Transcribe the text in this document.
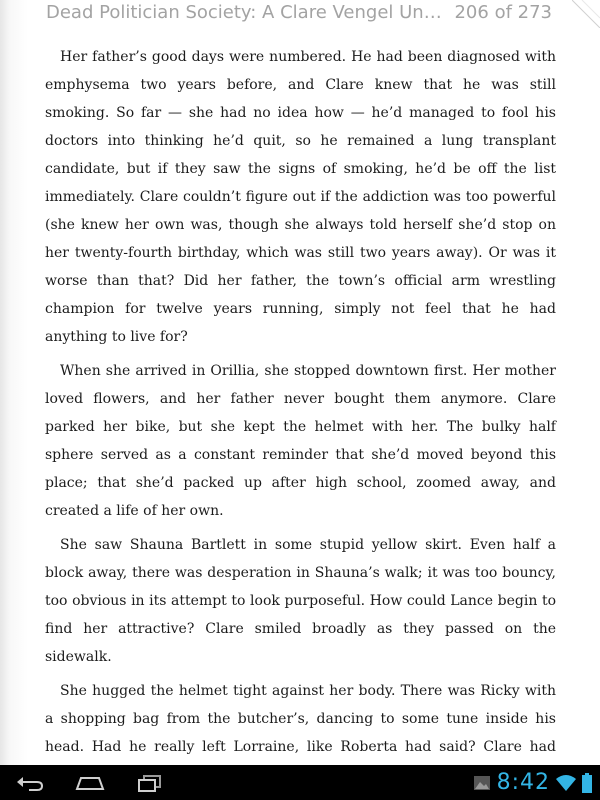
Dead Politician Society: A Clare Vengel Un… 206 of 273

Her father’s good days were numbered. He had been diagnosed with emphysema two years before, and Clare knew that he was still smoking. So far — she had no idea how — he’d managed to fool his doctors into thinking he’d quit, so he remained a lung transplant candidate, but if they saw the signs of smoking, he’d be off the list immediately. Clare couldn’t figure out if the addiction was too powerful (she knew her own was, though she always told herself she’d stop on her twenty-fourth birthday, which was still two years away). Or was it worse than that? Did her father, the town’s official arm wrestling champion for twelve years running, simply not feel that he had anything to live for?

When she arrived in Orillia, she stopped downtown first. Her mother loved flowers, and her father never bought them anymore. Clare parked her bike, but she kept the helmet with her. The bulky half sphere served as a constant reminder that she’d moved beyond this place; that she’d packed up after high school, zoomed away, and created a life of her own.

She saw Shauna Bartlett in some stupid yellow skirt. Even half a block away, there was desperation in Shauna’s walk; it was too bouncy, too obvious in its attempt to look purposeful. How could Lance begin to find her attractive? Clare smiled broadly as they passed on the sidewalk.

She hugged the helmet tight against her body. There was Ricky with a shopping bag from the butcher’s, dancing to some tune inside his head. Had he really left Lorraine, like Roberta had said? Clare had

8:42
